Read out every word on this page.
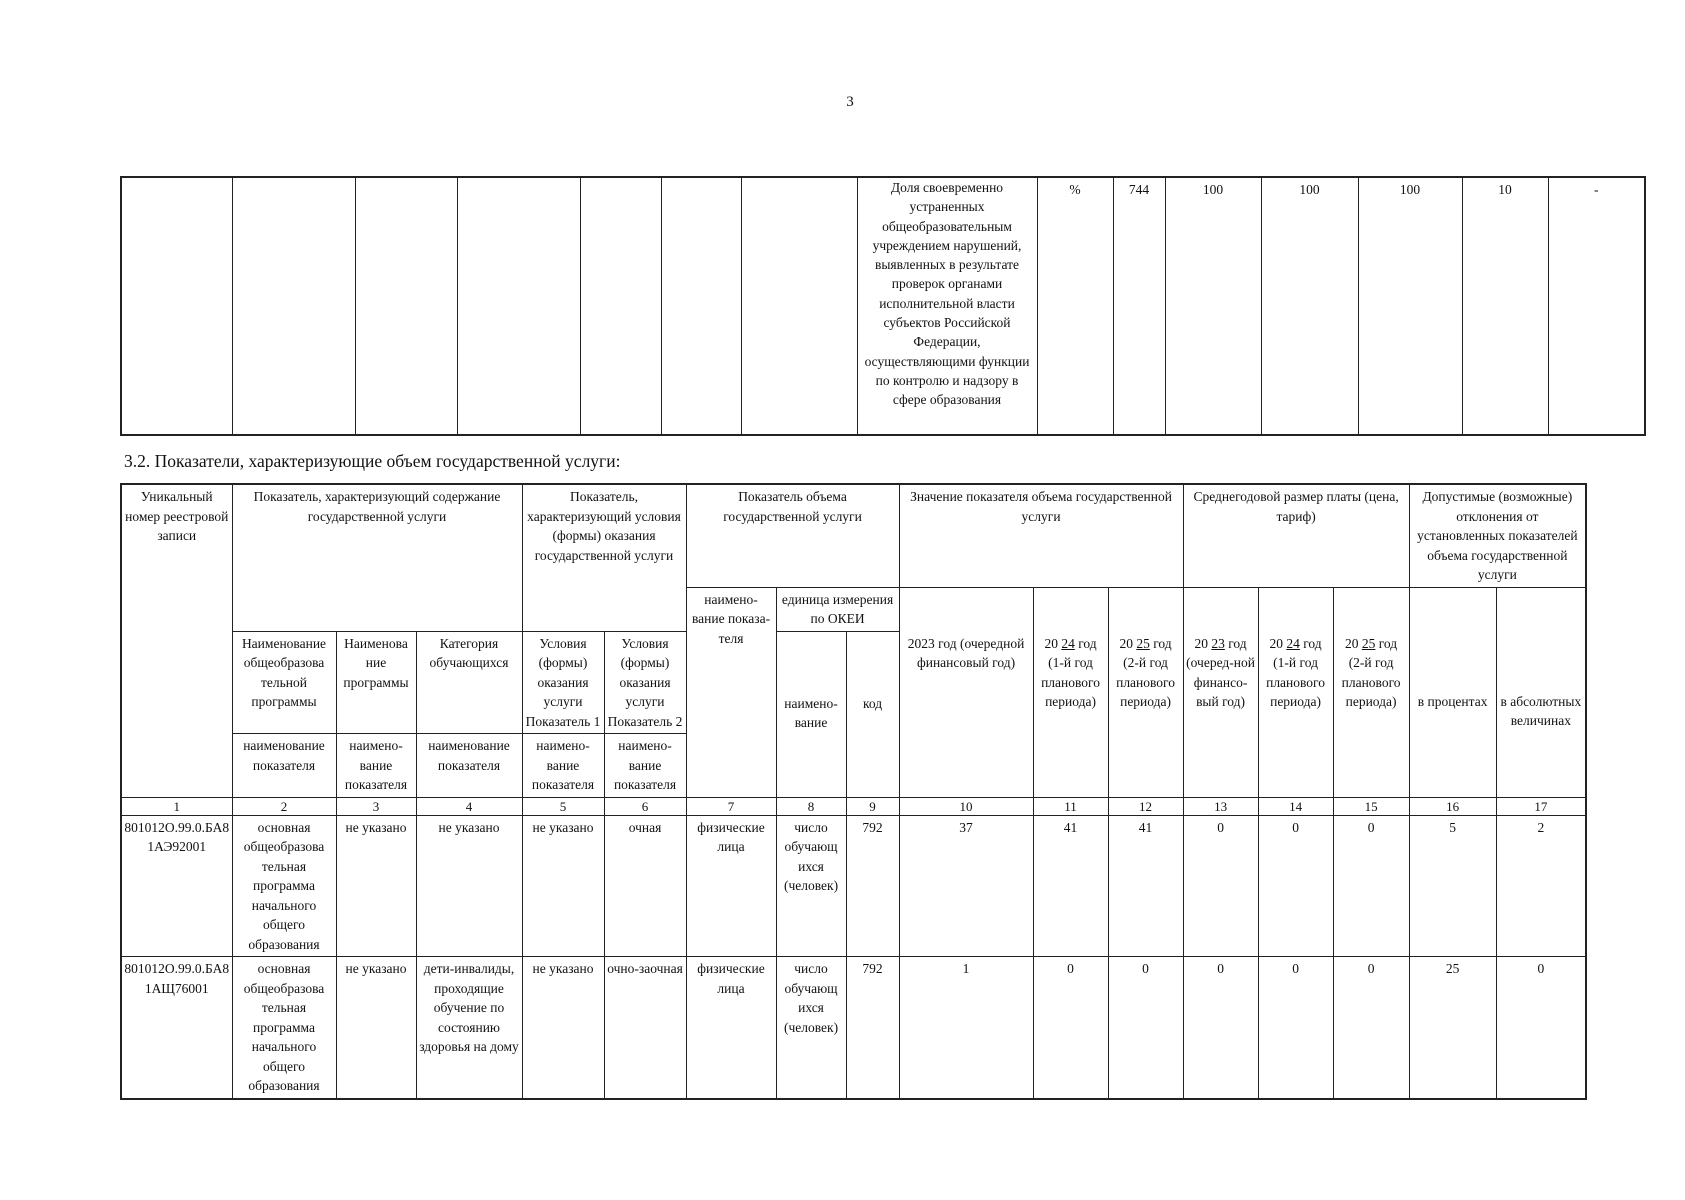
3
							Доля своевременно устраненных общеобразовательным учреждением нарушений, выявленных в результате проверок органами исполнительной власти субъектов Российской Федерации, осуществляющими функции по контролю и надзору в сфере образования	%	744	100	100	100	10	-
3.2. Показатели, характеризующие объем государственной услуги:
Уникальный номер реестровой записи	Показатель, характеризующий содержание государственной услуги			Показатель, характеризующий условия (формы) оказания государственной услуги		Показатель объема государственной услуги			Значение показателя объема государственной услуги			Среднегодовой размер платы (цена, тариф)			Допустимые (возможные) отклонения от установленных показателей объема государственной услуги	
						наимено-вание показа-теля	единица измерения по ОКЕИ		2023 год (очередной финансовый год)	20 24 год (1-й год планового периода)	20 25 год (2-й год планового периода)	20 23 год (очеред-ной финансо-вый год)	20 24 год (1-й год планового периода)	20 25 год (2-й год планового периода)	в процентах	в абсолютных величинах
	Наименование общеобразова тельной программы	Наименова ние программы	Категория обучающихся	Условия (формы) оказания услуги Показатель 1	Условия (формы) оказания услуги Показатель 2		наимено-вание	код								
	наименование показателя	наимено-вание показателя	наименование показателя	наимено-вание показателя	наимено-вание показателя											
1	2	3	4	5	6	7	8	9	10	11	12	13	14	15	16	17
801012О.99.0.БА81АЭ92001	основная общеобразова тельная программа начального общего образования	не указано	не указано	не указано	очная	физические лица	число обучающ ихся (человек)	792	37	41	41	0	0	0	5	2
801012О.99.0.БА81АЩ76001	основная общеобразова тельная программа начального общего образования	не указано	дети-инвалиды, проходящие обучение по состоянию здоровья на дому	не указано	очно-заочная	физические лица	число обучающ ихся (человек)	792	1	0	0	0	0	0	25	0
